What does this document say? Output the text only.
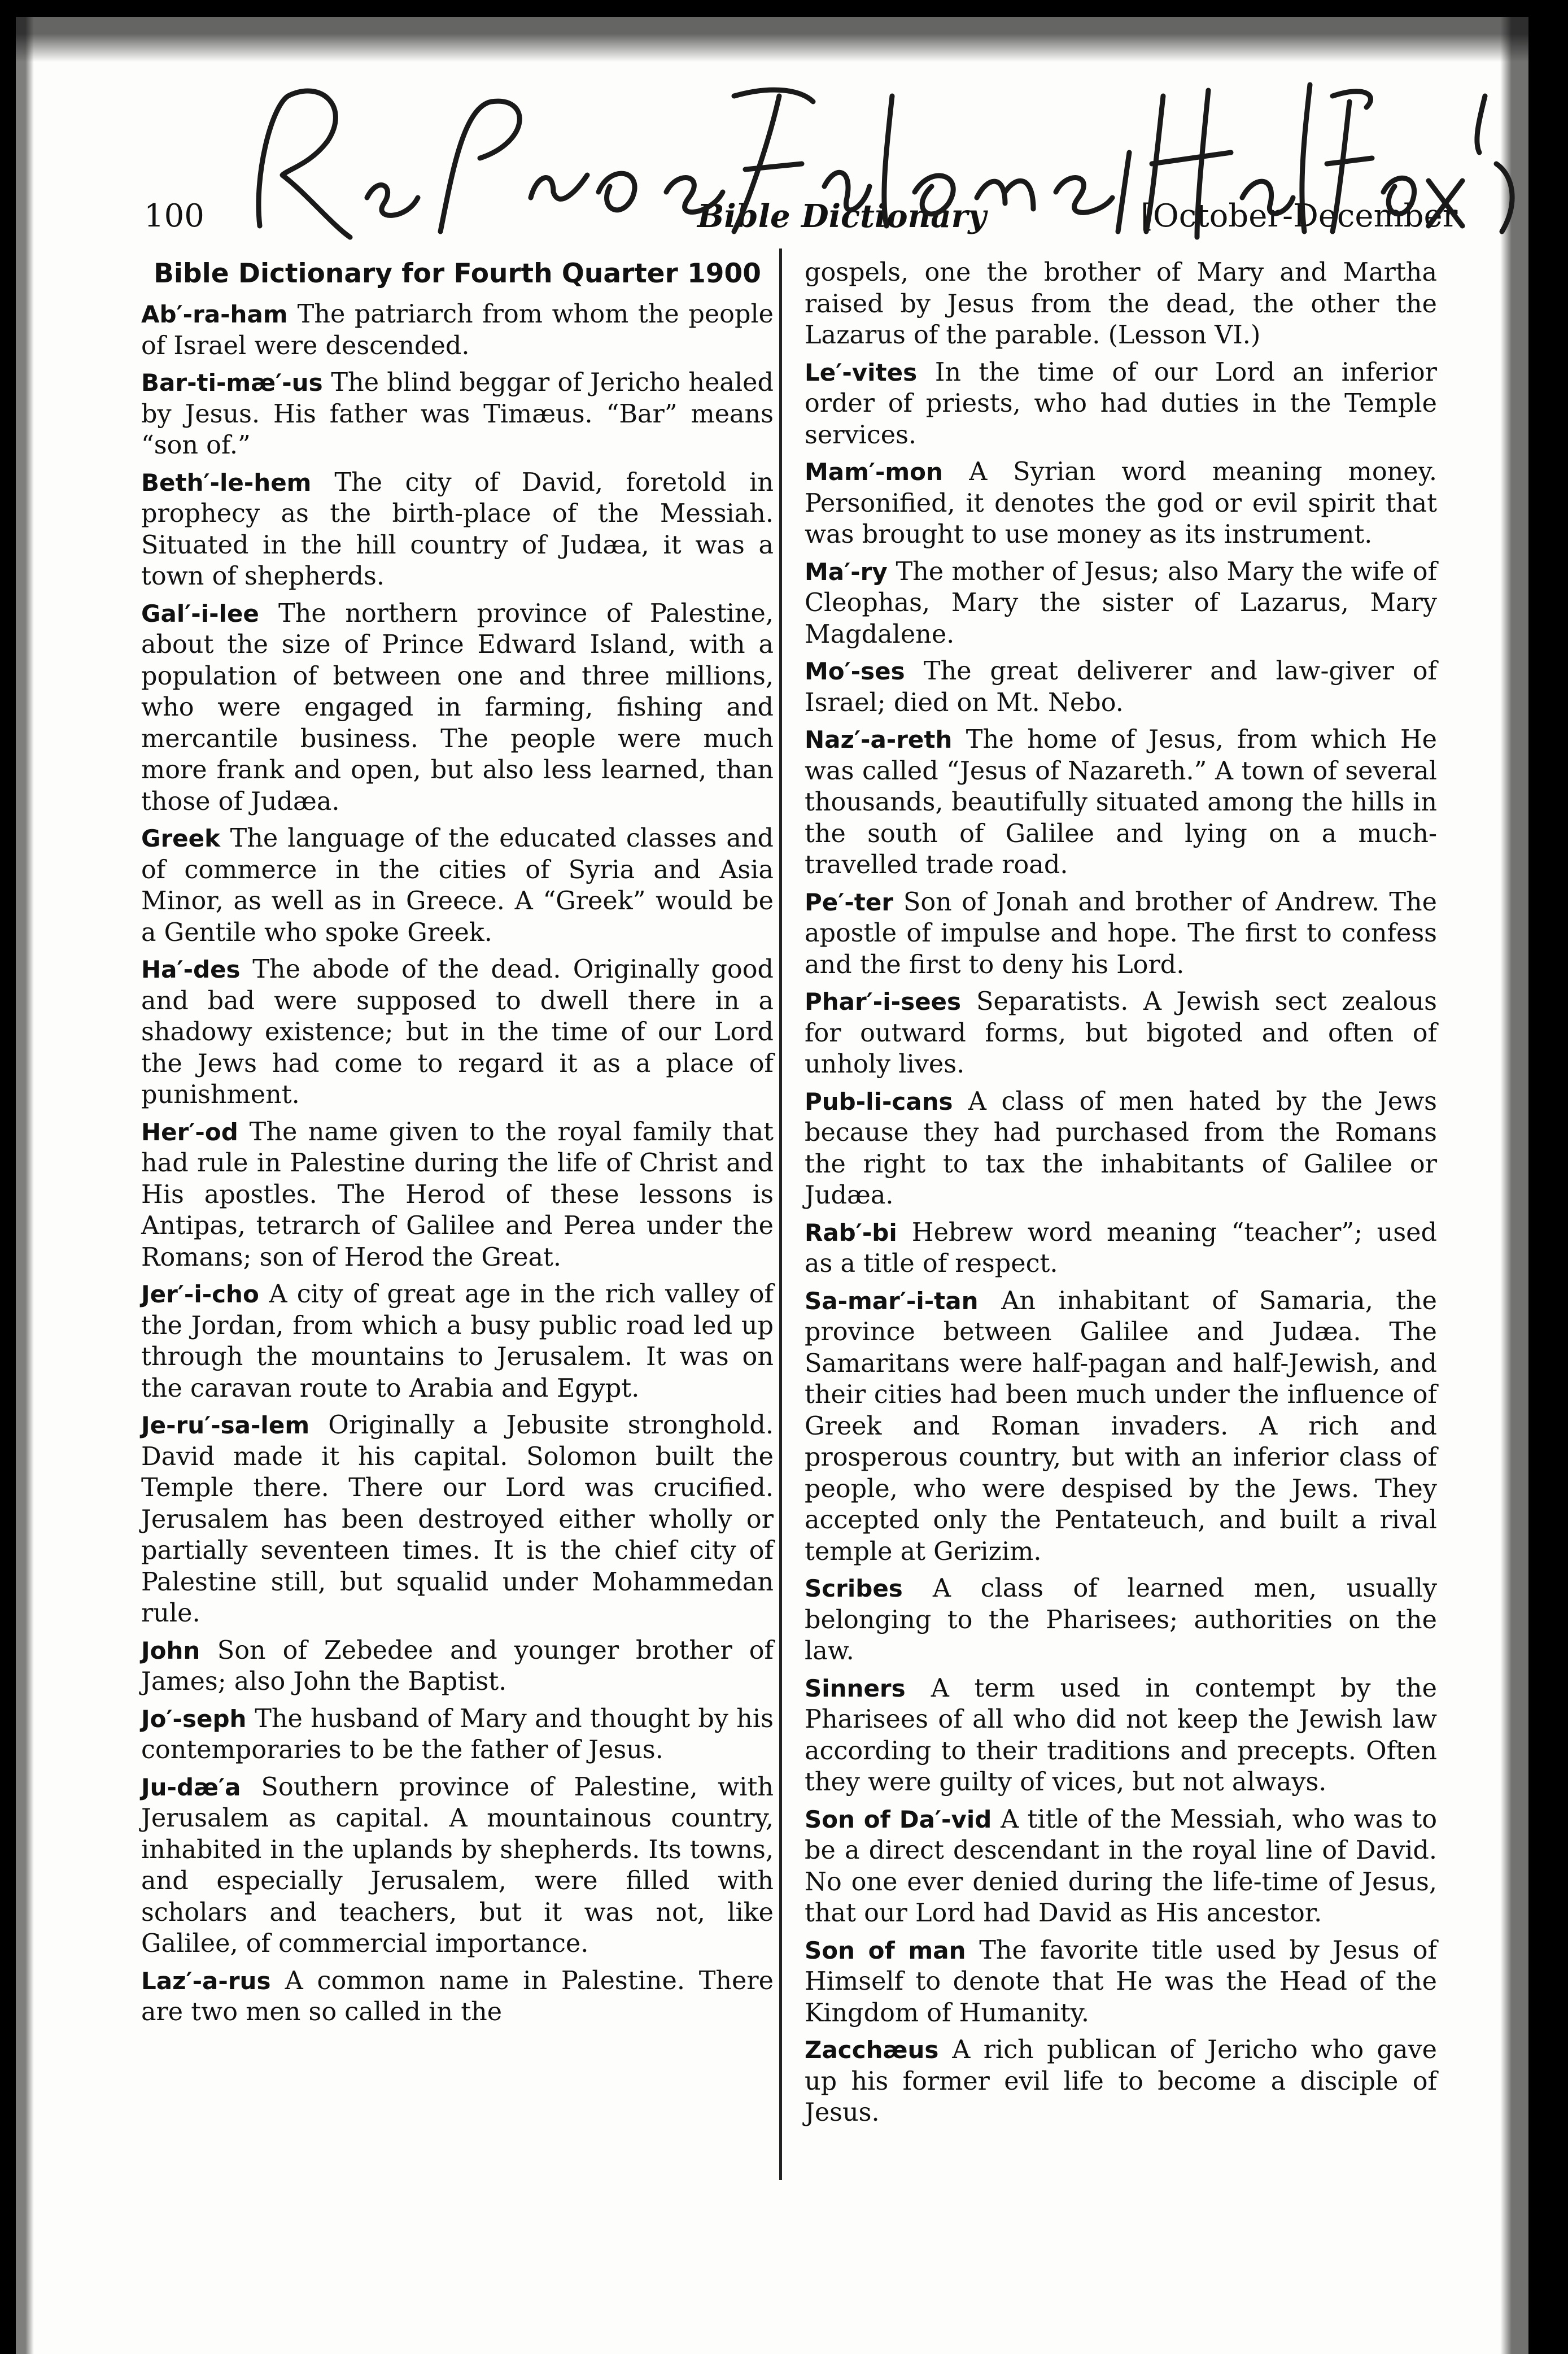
100	Bible Dictionary	[October-December
Bible Dictionary for Fourth Quarter 1900

Ab′-ra-ham The patriarch from whom the people of Israel were descended.

Bar-ti-mæ′-us The blind beggar of Jericho healed by Jesus. His father was Timæus. “Bar” means “son of.”

Beth′-le-hem The city of David, foretold in prophecy as the birth-place of the Messiah. Situated in the hill country of Judæa, it was a town of shepherds.

Gal′-i-lee The northern province of Palestine, about the size of Prince Edward Island, with a population of between one and three millions, who were engaged in farming, fishing and mercantile business. The people were much more frank and open, but also less learned, than those of Judæa.

Greek The language of the educated classes and of commerce in the cities of Syria and Asia Minor, as well as in Greece. A “Greek” would be a Gentile who spoke Greek.

Ha′-des The abode of the dead. Originally good and bad were supposed to dwell there in a shadowy existence; but in the time of our Lord the Jews had come to regard it as a place of punishment.

Her′-od The name given to the royal family that had rule in Palestine during the life of Christ and His apostles. The Herod of these lessons is Antipas, tetrarch of Galilee and Perea under the Romans; son of Herod the Great.

Jer′-i-cho A city of great age in the rich valley of the Jordan, from which a busy public road led up through the mountains to Jerusalem. It was on the caravan route to Arabia and Egypt.

Je-ru′-sa-lem Originally a Jebusite stronghold. David made it his capital. Solomon built the Temple there. There our Lord was crucified. Jerusalem has been destroyed either wholly or partially seventeen times. It is the chief city of Palestine still, but squalid under Mohammedan rule.

John Son of Zebedee and younger brother of James; also John the Baptist.

Jo′-seph The husband of Mary and thought by his contemporaries to be the father of Jesus.

Ju-dæ′a Southern province of Palestine, with Jerusalem as capital. A mountainous country, inhabited in the uplands by shepherds. Its towns, and especially Jerusalem, were filled with scholars and teachers, but it was not, like Galilee, of commercial importance.

Laz′-a-rus A common name in Palestine. There are two men so called in the

gospels, one the brother of Mary and Martha raised by Jesus from the dead, the other the Lazarus of the parable. (Lesson VI.)

Le′-vites In the time of our Lord an inferior order of priests, who had duties in the Temple services.

Mam′-mon A Syrian word meaning money. Personified, it denotes the god or evil spirit that was brought to use money as its instrument.

Ma′-ry The mother of Jesus; also Mary the wife of Cleophas, Mary the sister of Lazarus, Mary Magdalene.

Mo′-ses The great deliverer and law-giver of Israel; died on Mt. Nebo.

Naz′-a-reth The home of Jesus, from which He was called “Jesus of Nazareth.” A town of several thousands, beautifully situated among the hills in the south of Galilee and lying on a much-travelled trade road.

Pe′-ter Son of Jonah and brother of Andrew. The apostle of impulse and hope. The first to confess and the first to deny his Lord.

Phar′-i-sees Separatists. A Jewish sect zealous for outward forms, but bigoted and often of unholy lives.

Pub-li-cans A class of men hated by the Jews because they had purchased from the Romans the right to tax the inhabitants of Galilee or Judæa.

Rab′-bi Hebrew word meaning “teacher”; used as a title of respect.

Sa-mar′-i-tan An inhabitant of Samaria, the province between Galilee and Judæa. The Samaritans were half-pagan and half-Jewish, and their cities had been much under the influence of Greek and Roman invaders. A rich and prosperous country, but with an inferior class of people, who were despised by the Jews. They accepted only the Pentateuch, and built a rival temple at Gerizim.

Scribes A class of learned men, usually belonging to the Pharisees; authorities on the law.

Sinners A term used in contempt by the Pharisees of all who did not keep the Jewish law according to their traditions and precepts. Often they were guilty of vices, but not always.

Son of Da′-vid A title of the Messiah, who was to be a direct descendant in the royal line of David. No one ever denied during the life-time of Jesus, that our Lord had David as His ancestor.

Son of man The favorite title used by Jesus of Himself to denote that He was the Head of the Kingdom of Humanity.

Zacchæus A rich publican of Jericho who gave up his former evil life to become a disciple of Jesus.
